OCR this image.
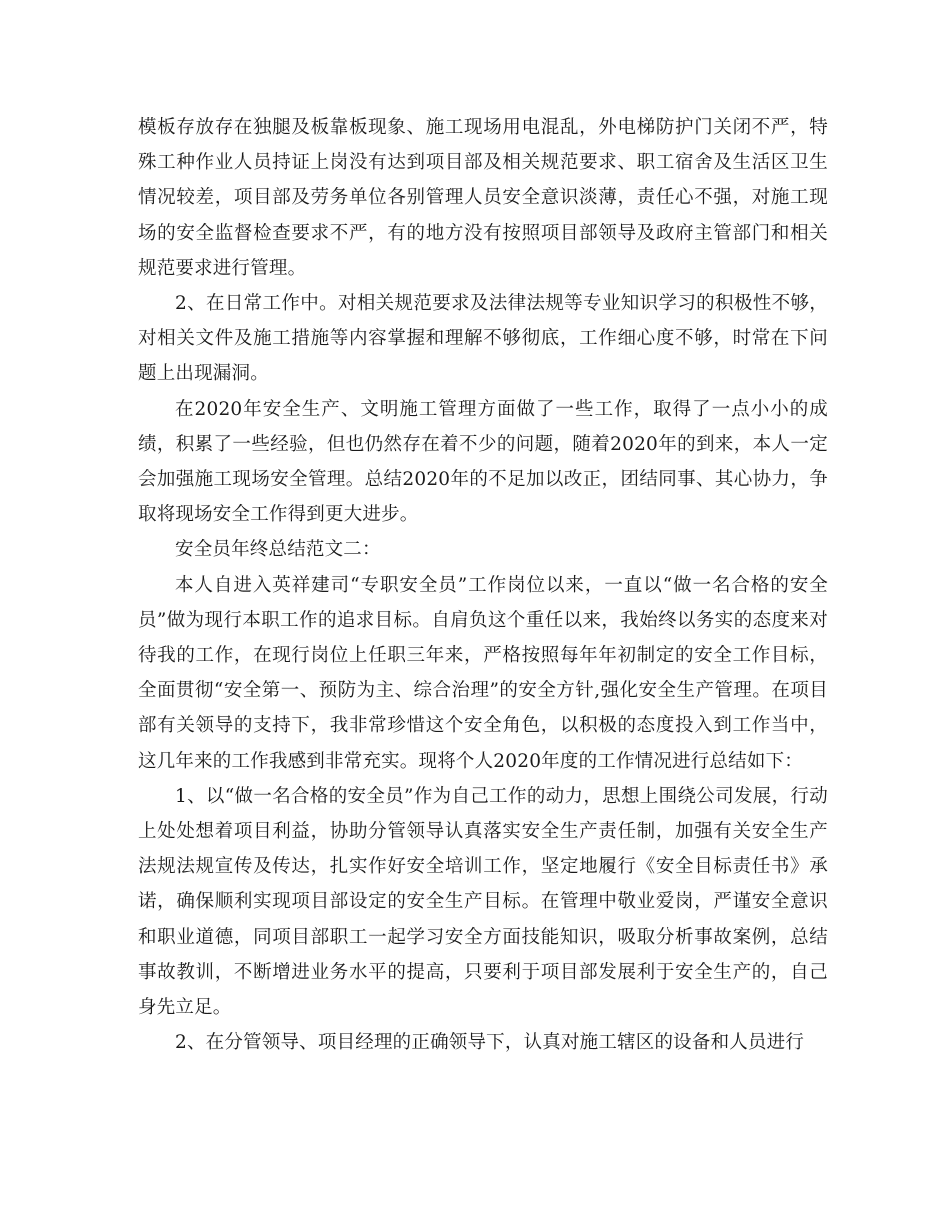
模板存放存在独腿及板靠板现象、施工现场用电混乱，外电梯防护门关闭不严，特殊工种作业人员持证上岗没有达到项目部及相关规范要求、职工宿舍及生活区卫生情况较差，项目部及劳务单位各别管理人员安全意识淡薄，责任心不强，对施工现场的安全监督检查要求不严，有的地方没有按照项目部领导及政府主管部门和相关规范要求进行管理。

2、在日常工作中。对相关规范要求及法律法规等专业知识学习的积极性不够，对相关文件及施工措施等内容掌握和理解不够彻底，工作细心度不够，时常在下问题上出现漏洞。

在2020年安全生产、文明施工管理方面做了一些工作，取得了一点小小的成绩，积累了一些经验，但也仍然存在着不少的问题，随着2020年的到来，本人一定会加强施工现场安全管理。总结2020年的不足加以改正，团结同事、其心协力，争取将现场安全工作得到更大进步。

安全员年终总结范文二：

本人自进入英祥建司“专职安全员”工作岗位以来，一直以“做一名合格的安全员”做为现行本职工作的追求目标。自肩负这个重任以来，我始终以务实的态度来对待我的工作，在现行岗位上任职三年来，严格按照每年年初制定的安全工作目标，全面贯彻“安全第一、预防为主、综合治理”的安全方针,强化安全生产管理。在项目部有关领导的支持下，我非常珍惜这个安全角色，以积极的态度投入到工作当中，这几年来的工作我感到非常充实。现将个人2020年度的工作情况进行总结如下：

1、以“做一名合格的安全员”作为自己工作的动力，思想上围绕公司发展，行动上处处想着项目利益，协助分管领导认真落实安全生产责任制，加强有关安全生产法规法规宣传及传达，扎实作好安全培训工作，坚定地履行《安全目标责任书》承诺，确保顺利实现项目部设定的安全生产目标。在管理中敬业爱岗，严谨安全意识和职业道德，同项目部职工一起学习安全方面技能知识，吸取分析事故案例，总结事故教训，不断增进业务水平的提高，只要利于项目部发展利于安全生产的，自己身先立足。

2、在分管领导、项目经理的正确领导下，认真对施工辖区的设备和人员进行
